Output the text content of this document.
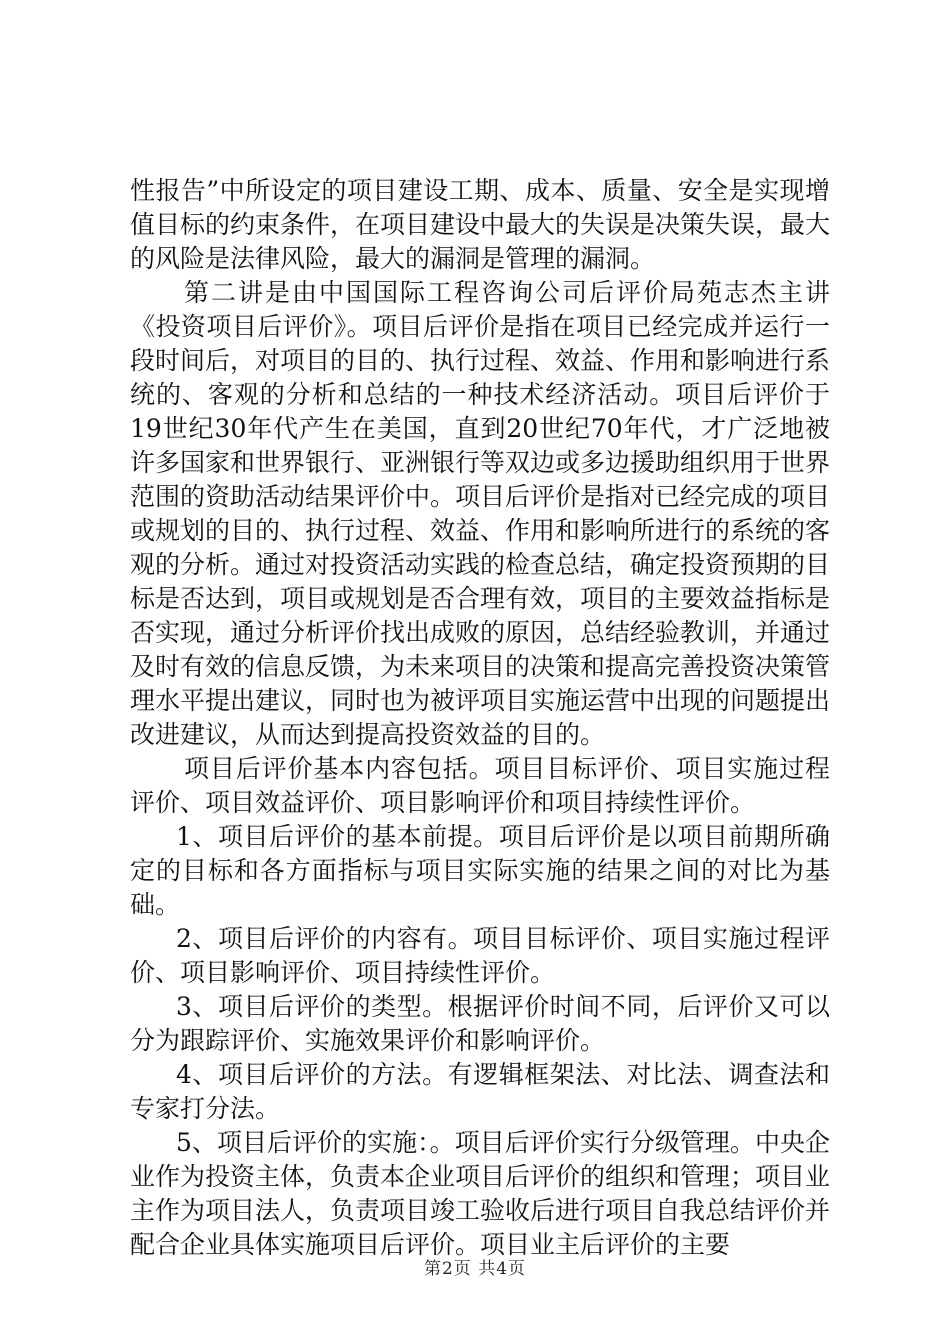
性报告”中所设定的项目建设工期、成本、质量、安全是实现增值目标的约束条件，在项目建设中最大的失误是决策失误，最大的风险是法律风险，最大的漏洞是管理的漏洞。

第二讲是由中国国际工程咨询公司后评价局苑志杰主讲《投资项目后评价》。项目后评价是指在项目已经完成并运行一段时间后，对项目的目的、执行过程、效益、作用和影响进行系统的、客观的分析和总结的一种技术经济活动。项目后评价于19世纪30年代产生在美国，直到20世纪70年代，才广泛地被许多国家和世界银行、亚洲银行等双边或多边援助组织用于世界范围的资助活动结果评价中。项目后评价是指对已经完成的项目或规划的目的、执行过程、效益、作用和影响所进行的系统的客观的分析。通过对投资活动实践的检查总结，确定投资预期的目标是否达到，项目或规划是否合理有效，项目的主要效益指标是否实现，通过分析评价找出成败的原因，总结经验教训，并通过及时有效的信息反馈，为未来项目的决策和提高完善投资决策管理水平提出建议，同时也为被评项目实施运营中出现的问题提出改进建议，从而达到提高投资效益的目的。

项目后评价基本内容包括。项目目标评价、项目实施过程评价、项目效益评价、项目影响评价和项目持续性评价。

1、项目后评价的基本前提。项目后评价是以项目前期所确定的目标和各方面指标与项目实际实施的结果之间的对比为基础。

2、项目后评价的内容有。项目目标评价、项目实施过程评价、项目影响评价、项目持续性评价。

3、项目后评价的类型。根据评价时间不同，后评价又可以分为跟踪评价、实施效果评价和影响评价。

4、项目后评价的方法。有逻辑框架法、对比法、调查法和专家打分法。

5、项目后评价的实施：。项目后评价实行分级管理。中央企业作为投资主体，负责本企业项目后评价的组织和管理；项目业主作为项目法人，负责项目竣工验收后进行项目自我总结评价并配合企业具体实施项目后评价。项目业主后评价的主要

第2页 共4页
